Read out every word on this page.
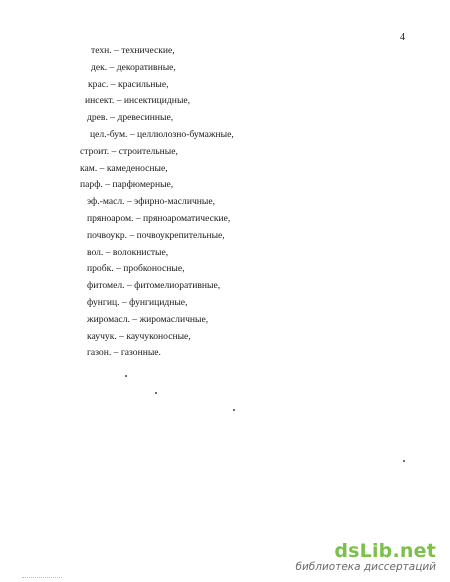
4
техн. – технические,
дек. – декоративные,
крас. – красильные,
инсект. – инсектицидные,
древ. – древесинные,
цел.-бум. – целлюлозно-бумажные,
строит. – строительные,
кам. – камеденосные,
парф. – парфюмерные,
эф.-масл. – эфирно-масличные,
пряноаром. – пряноароматические,
почвоукр. – почвоукрепительные,
вол. – волокнистые,
пробк. – пробконосные,
фитомел. – фитомелиоративные,
фунгиц. – фунгицидные,
жиромасл. – жиромасличные,
каучук. – каучуконосные,
газон. – газонные.
dsLib.net
библиотека диссертаций
